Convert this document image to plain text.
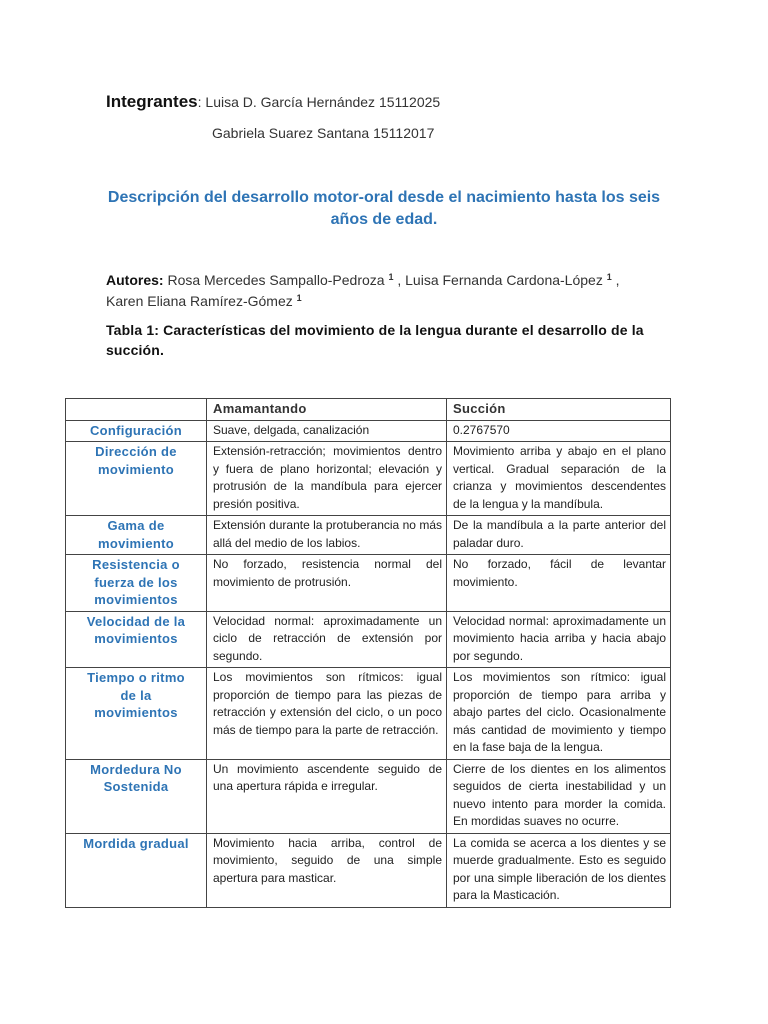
Integrantes: Luisa D. García Hernández 15112025
Gabriela Suarez Santana 15112017
Descripción del desarrollo motor-oral desde el nacimiento hasta los seis años de edad.
Autores: Rosa Mercedes Sampallo-Pedroza $^1$ , Luisa Fernanda Cardona-López $^1$ ,
Karen Eliana Ramírez-Gómez $^1$
Tabla 1: Características del movimiento de la lengua durante el desarrollo de la succión.
	Amamantando	Succión
Configuración	Suave, delgada, canalización	0.2767570
Dirección de movimiento	Extensión-retracción; movimientos dentro y fuera de plano horizontal; elevación y protrusión de la mandíbula para ejercer presión positiva.	Movimiento arriba y abajo en el plano vertical. Gradual separación de la crianza y movimientos descendentes de la lengua y la mandíbula.
Gama de movimiento	Extensión durante la protuberancia no más allá del medio de los labios.	De la mandíbula a la parte anterior del paladar duro.
Resistencia o fuerza de los movimientos	No forzado, resistencia normal del movimiento de protrusión.	No forzado, fácil de levantar movimiento.
Velocidad de la movimientos	Velocidad normal: aproximadamente un ciclo de retracción de extensión por segundo.	Velocidad normal: aproximadamente un movimiento hacia arriba y hacia abajo por segundo.
Tiempo o ritmo de la movimientos	Los movimientos son rítmicos: igual proporción de tiempo para las piezas de retracción y extensión del ciclo, o un poco más de tiempo para la parte de retracción.	Los movimientos son rítmico: igual proporción de tiempo para arriba y abajo partes del ciclo. Ocasionalmente más cantidad de movimiento y tiempo en la fase baja de la lengua.
Mordedura No Sostenida	Un movimiento ascendente seguido de una apertura rápida e irregular.	Cierre de los dientes en los alimentos seguidos de cierta inestabilidad y un nuevo intento para morder la comida. En mordidas suaves no ocurre.
Mordida gradual	Movimiento hacia arriba, control de movimiento, seguido de una simple apertura para masticar.	La comida se acerca a los dientes y se muerde gradualmente. Esto es seguido por una simple liberación de los dientes para la Masticación.
